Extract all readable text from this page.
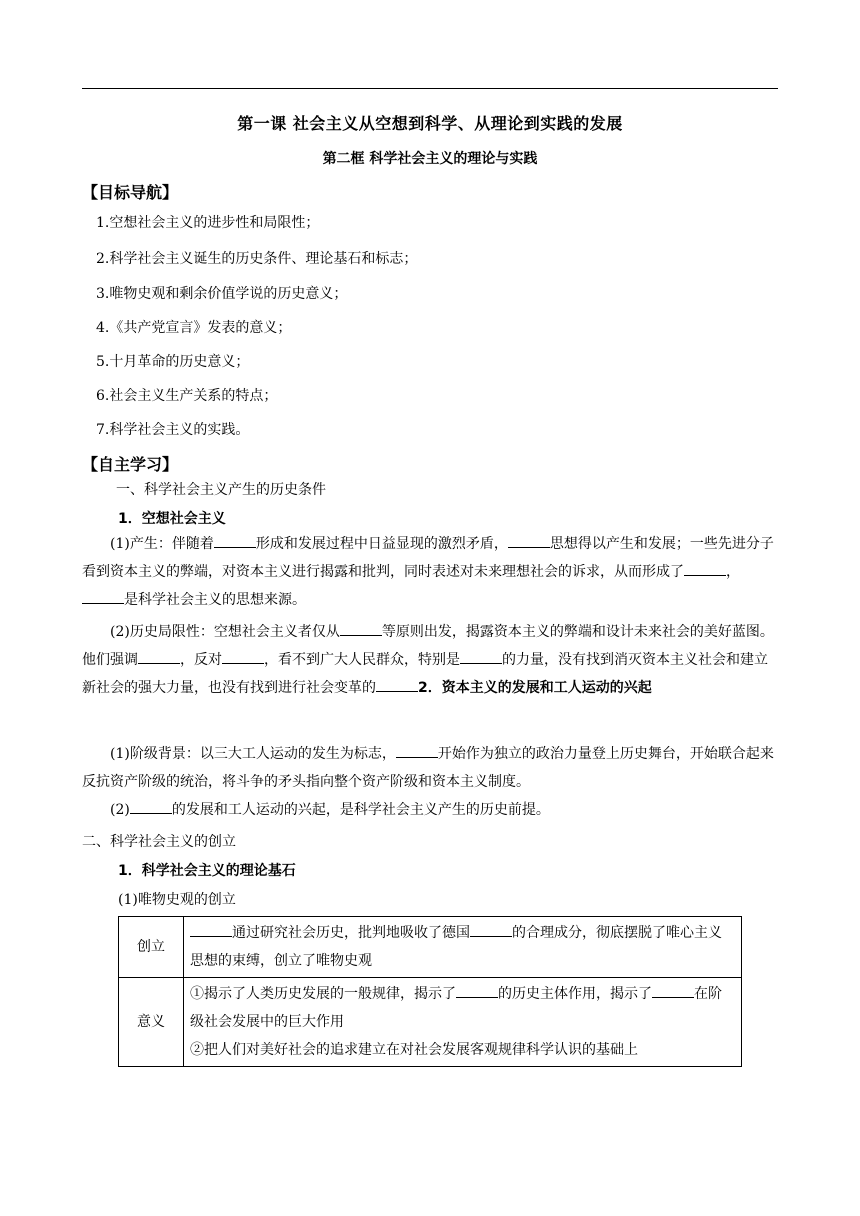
第一课 社会主义从空想到科学、从理论到实践的发展
第二框 科学社会主义的理论与实践
【目标导航】
1.空想社会主义的进步性和局限性；
2.科学社会主义诞生的历史条件、理论基石和标志；
3.唯物史观和剩余价值学说的历史意义；
4.《共产党宣言》发表的意义；
5.十月革命的历史意义；
6.社会主义生产关系的特点；
7.科学社会主义的实践。
【自主学习】
一、科学社会主义产生的历史条件
1．空想社会主义

(1)产生：伴随着	形成和发展过程中日益显现的激烈矛盾，	思想得以产生和发展；一些先进分子看到资本主义的弊端，对资本主义进行揭露和批判，同时表述对未来理想社会的诉求，从而形成了	，是科学社会主义的思想来源。

(2)历史局限性：空想社会主义者仅从	等原则出发，揭露资本主义的弊端和设计未来社会的美好蓝图。他们强调	，反对	，看不到广大人民群众，特别是	的力量，没有找到消灭资本主义社会和建立新社会的强大力量，也没有找到进行社会变革的	2．资本主义的发展和工人运动的兴起

(1)阶级背景：以三大工人运动的发生为标志，	开始作为独立的政治力量登上历史舞台，开始联合起来反抗资产阶级的统治，将斗争的矛头指向整个资产阶级和资本主义制度。

(2)	的发展和工人运动的兴起，是科学社会主义产生的历史前提。

二、科学社会主义的创立
1．科学社会主义的理论基石
(1)唯物史观的创立
创立	通过研究社会历史，批判地吸收了德国 的合理成分，彻底摆脱了唯心主义思想的束缚，创立了唯物史观
意义	①揭示了人类历史发展的一般规律，揭示了 的历史主体作用，揭示了 在阶级社会发展中的巨大作用
②把人们对美好社会的追求建立在对社会发展客观规律科学认识的基础上
